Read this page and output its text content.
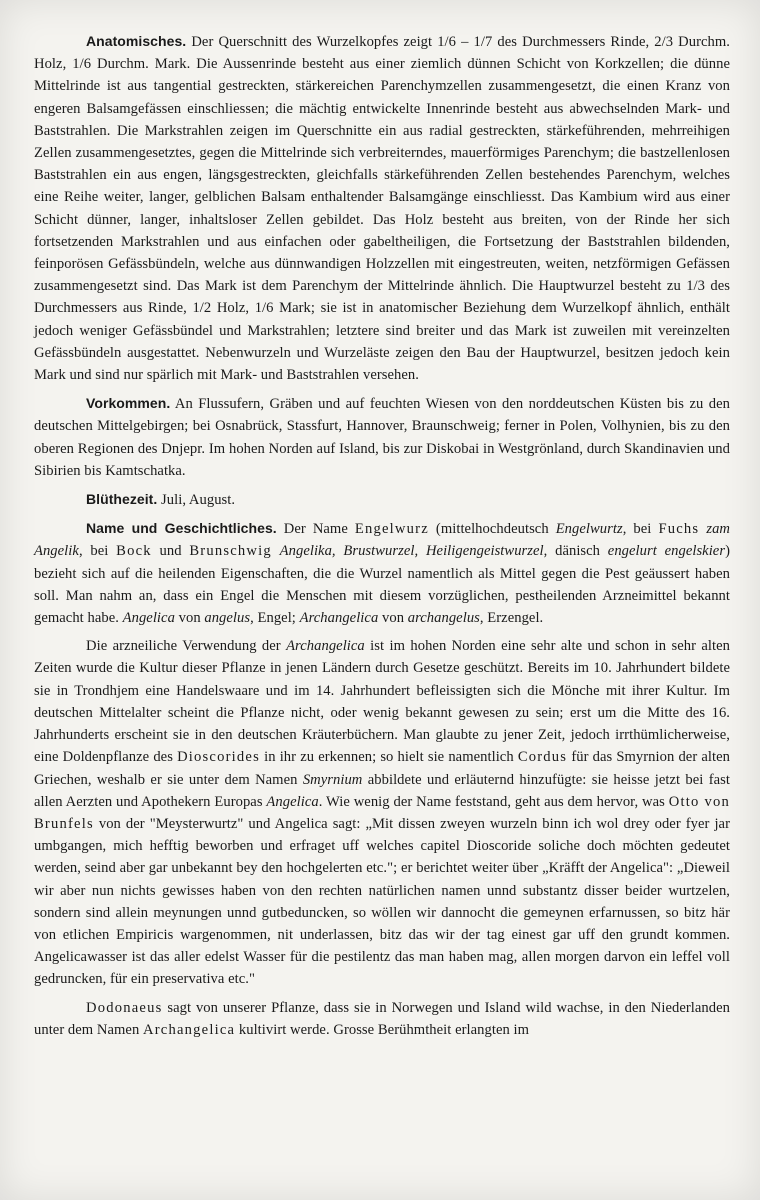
Anatomisches. Der Querschnitt des Wurzelkopfes zeigt 1/6 – 1/7 des Durchmessers Rinde, 2/3 Durchm. Holz, 1/6 Durchm. Mark. Die Aussenrinde besteht aus einer ziemlich dünnen Schicht von Korkzellen; die dünne Mittelrinde ist aus tangential gestreckten, stärkereichen Parenchymzellen zusammengesetzt, die einen Kranz von engeren Balsamgefässen einschliessen; die mächtig entwickelte Innenrinde besteht aus abwechselnden Mark- und Baststrahlen. Die Markstrahlen zeigen im Querschnitte ein aus radial gestreckten, stärkeführenden, mehrreihigen Zellen zusammengesetztes, gegen die Mittelrinde sich verbreiterndes, mauerförmiges Parenchym; die bastzellenlosen Baststrahlen ein aus engen, längsgestreckten, gleichfalls stärkeführenden Zellen bestehendes Parenchym, welches eine Reihe weiter, langer, gelblichen Balsam enthaltender Balsamgänge einschliesst. Das Kambium wird aus einer Schicht dünner, langer, inhaltsloser Zellen gebildet. Das Holz besteht aus breiten, von der Rinde her sich fortsetzenden Markstrahlen und aus einfachen oder gabeltheiligen, die Fortsetzung der Baststrahlen bildenden, feinporösen Gefässbündeln, welche aus dünnwandigen Holzzellen mit eingestreuten, weiten, netzförmigen Gefässen zusammengesetzt sind. Das Mark ist dem Parenchym der Mittelrinde ähnlich. Die Hauptwurzel besteht zu 1/3 des Durchmessers aus Rinde, 1/2 Holz, 1/6 Mark; sie ist in anatomischer Beziehung dem Wurzelkopf ähnlich, enthält jedoch weniger Gefässbündel und Markstrahlen; letztere sind breiter und das Mark ist zuweilen mit vereinzelten Gefässbündeln ausgestattet. Nebenwurzeln und Wurzeläste zeigen den Bau der Hauptwurzel, besitzen jedoch kein Mark und sind nur spärlich mit Mark- und Baststrahlen versehen.

Vorkommen. An Flussufern, Gräben und auf feuchten Wiesen von den norddeutschen Küsten bis zu den deutschen Mittelgebirgen; bei Osnabrück, Stassfurt, Hannover, Braunschweig; ferner in Polen, Volhynien, bis zu den oberen Regionen des Dnjepr. Im hohen Norden auf Island, bis zur Diskobai in Westgrönland, durch Skandinavien und Sibirien bis Kamtschatka.

Blüthezeit. Juli, August.

Name und Geschichtliches. Der Name Engelwurz (mittelhochdeutsch Engelwurtz, bei Fuchs zam Angelik, bei Bock und Brunschwig Angelika, Brustwurzel, Heiligengeistwurzel, dänisch engelurt engelskier) bezieht sich auf die heilenden Eigenschaften, die die Wurzel namentlich als Mittel gegen die Pest geäussert haben soll. Man nahm an, dass ein Engel die Menschen mit diesem vorzüglichen, pestheilenden Arzneimittel bekannt gemacht habe. Angelica von angelus, Engel; Archangelica von archangelus, Erzengel.

Die arzneiliche Verwendung der Archangelica ist im hohen Norden eine sehr alte und schon in sehr alten Zeiten wurde die Kultur dieser Pflanze in jenen Ländern durch Gesetze geschützt. Bereits im 10. Jahrhundert bildete sie in Trondhjem eine Handelswaare und im 14. Jahrhundert befleissigten sich die Mönche mit ihrer Kultur. Im deutschen Mittelalter scheint die Pflanze nicht, oder wenig bekannt gewesen zu sein; erst um die Mitte des 16. Jahrhunderts erscheint sie in den deutschen Kräuterbüchern. Man glaubte zu jener Zeit, jedoch irrthümlicherweise, eine Doldenpflanze des Dioscorides in ihr zu erkennen; so hielt sie namentlich Cordus für das Smyrnion der alten Griechen, weshalb er sie unter dem Namen Smyrnium abbildete und erläuternd hinzufügte: sie heisse jetzt bei fast allen Aerzten und Apothekern Europas Angelica. Wie wenig der Name feststand, geht aus dem hervor, was Otto von Brunfels von der "Meysterwurtz" und Angelica sagt: „Mit dissen zweyen wurzeln binn ich wol drey oder fyer jar umbgangen, mich hefftig beworben und erfraget uff welches capitel Dioscoride soliche doch möchten gedeutet werden, seind aber gar unbekannt bey den hochgelerten etc."; er berichtet weiter über „Kräfft der Angelica": „Dieweil wir aber nun nichts gewisses haben von den rechten natürlichen namen unnd substantz disser beider wurtzelen, sondern sind allein meynungen unnd gutbeduncken, so wöllen wir dannocht die gemeynen erfarnussen, so bitz här von etlichen Empiricis wargenommen, nit underlassen, bitz das wir der tag einest gar uff den grundt kommen. Angelicawasser ist das aller edelst Wasser für die pestilentz das man haben mag, allen morgen darvon ein leffel voll gedruncken, für ein preservativa etc."

Dodonaeus sagt von unserer Pflanze, dass sie in Norwegen und Island wild wachse, in den Niederlanden unter dem Namen Archangelica kultivirt werde. Grosse Berühmtheit erlangten im
